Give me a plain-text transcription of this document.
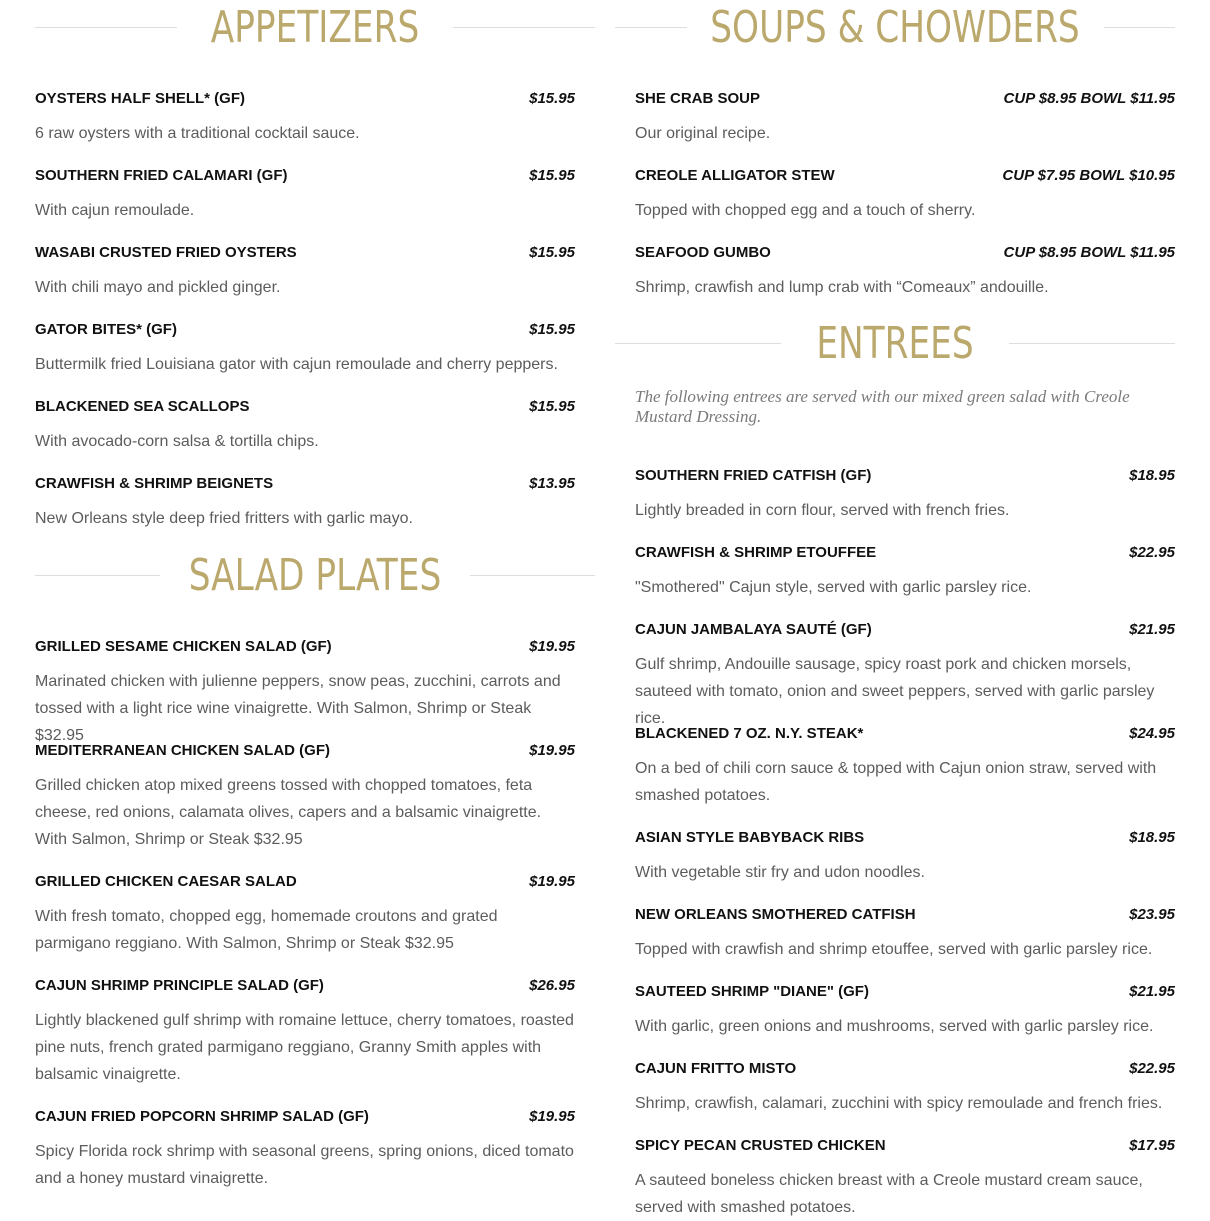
APPETIZERS
OYSTERS HALF SHELL* (GF)	$15.95
6 raw oysters with a traditional cocktail sauce.
SOUTHERN FRIED CALAMARI (GF)	$15.95
With cajun remoulade.
WASABI CRUSTED FRIED OYSTERS	$15.95
With chili mayo and pickled ginger.
GATOR BITES* (GF)	$15.95
Buttermilk fried Louisiana gator with cajun remoulade and cherry peppers.
BLACKENED SEA SCALLOPS	$15.95
With avocado-corn salsa & tortilla chips.
CRAWFISH & SHRIMP BEIGNETS	$13.95
New Orleans style deep fried fritters with garlic mayo.
SALAD PLATES
GRILLED SESAME CHICKEN SALAD (GF)	$19.95
Marinated chicken with julienne peppers, snow peas, zucchini, carrots and tossed with a light rice wine vinaigrette. With Salmon, Shrimp or Steak $32.95
MEDITERRANEAN CHICKEN SALAD (GF)	$19.95
Grilled chicken atop mixed greens tossed with chopped tomatoes, feta cheese, red onions, calamata olives, capers and a balsamic vinaigrette. With Salmon, Shrimp or Steak $32.95
GRILLED CHICKEN CAESAR SALAD	$19.95
With fresh tomato, chopped egg, homemade croutons and grated parmigano reggiano. With Salmon, Shrimp or Steak $32.95
CAJUN SHRIMP PRINCIPLE SALAD (GF)	$26.95
Lightly blackened gulf shrimp with romaine lettuce, cherry tomatoes, roasted pine nuts, french grated parmigano reggiano, Granny Smith apples with balsamic vinaigrette.
CAJUN FRIED POPCORN SHRIMP SALAD (GF)	$19.95
Spicy Florida rock shrimp with seasonal greens, spring onions, diced tomato and a honey mustard vinaigrette.
SOUPS & CHOWDERS
SHE CRAB SOUP	CUP $8.95 BOWL $11.95
Our original recipe.
CREOLE ALLIGATOR STEW	CUP $7.95 BOWL $10.95
Topped with chopped egg and a touch of sherry.
SEAFOOD GUMBO	CUP $8.95 BOWL $11.95
Shrimp, crawfish and lump crab with “Comeaux” andouille.
ENTREES
The following entrees are served with our mixed green salad with Creole Mustard Dressing.
SOUTHERN FRIED CATFISH (GF)	$18.95
Lightly breaded in corn flour, served with french fries.
CRAWFISH & SHRIMP ETOUFFEE	$22.95
"Smothered" Cajun style, served with garlic parsley rice.
CAJUN JAMBALAYA SAUTÉ (GF)	$21.95
Gulf shrimp, Andouille sausage, spicy roast pork and chicken morsels, sauteed with tomato, onion and sweet peppers, served with garlic parsley rice.
BLACKENED 7 OZ. N.Y. STEAK*	$24.95
On a bed of chili corn sauce & topped with Cajun onion straw, served with smashed potatoes.
ASIAN STYLE BABYBACK RIBS	$18.95
With vegetable stir fry and udon noodles.
NEW ORLEANS SMOTHERED CATFISH	$23.95
Topped with crawfish and shrimp etouffee, served with garlic parsley rice.
SAUTEED SHRIMP "DIANE" (GF)	$21.95
With garlic, green onions and mushrooms, served with garlic parsley rice.
CAJUN FRITTO MISTO	$22.95
Shrimp, crawfish, calamari, zucchini with spicy remoulade and french fries.
SPICY PECAN CRUSTED CHICKEN	$17.95
A sauteed boneless chicken breast with a Creole mustard cream sauce, served with smashed potatoes.
